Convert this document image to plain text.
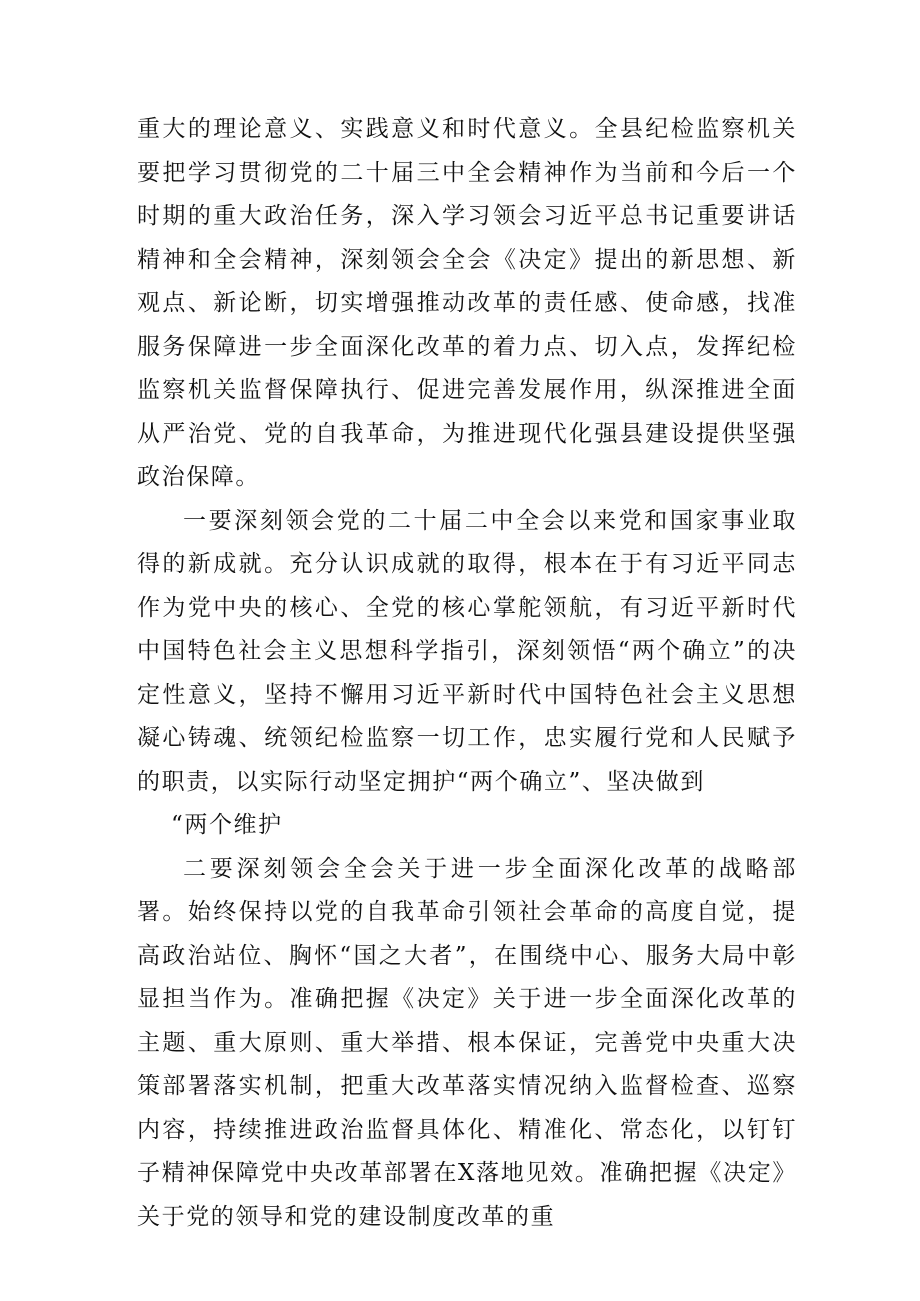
重大的理论意义、实践意义和时代意义。全县纪检监察机关要把学习贯彻党的二十届三中全会精神作为当前和今后一个时期的重大政治任务，深入学习领会习近平总书记重要讲话精神和全会精神，深刻领会全会《决定》提出的新思想、新观点、新论断，切实增强推动改革的责任感、使命感，找准服务保障进一步全面深化改革的着力点、切入点，发挥纪检监察机关监督保障执行、促进完善发展作用，纵深推进全面从严治党、党的自我革命，为推进现代化强县建设提供坚强政治保障。

一要深刻领会党的二十届二中全会以来党和国家事业取得的新成就。充分认识成就的取得，根本在于有习近平同志作为党中央的核心、全党的核心掌舵领航，有习近平新时代中国特色社会主义思想科学指引，深刻领悟“两个确立”的决定性意义，坚持不懈用习近平新时代中国特色社会主义思想凝心铸魂、统领纪检监察一切工作，忠实履行党和人民赋予的职责，以实际行动坚定拥护“两个确立”、坚决做到

“两个维护

二要深刻领会全会关于进一步全面深化改革的战略部署。始终保持以党的自我革命引领社会革命的高度自觉，提高政治站位、胸怀“国之大者”，在围绕中心、服务大局中彰显担当作为。准确把握《决定》关于进一步全面深化改革的主题、重大原则、重大举措、根本保证，完善党中央重大决策部署落实机制，把重大改革落实情况纳入监督检查、巡察内容，持续推进政治监督具体化、精准化、常态化，以钉钉子精神保障党中央改革部署在X落地见效。准确把握《决定》关于党的领导和党的建设制度改革的重
